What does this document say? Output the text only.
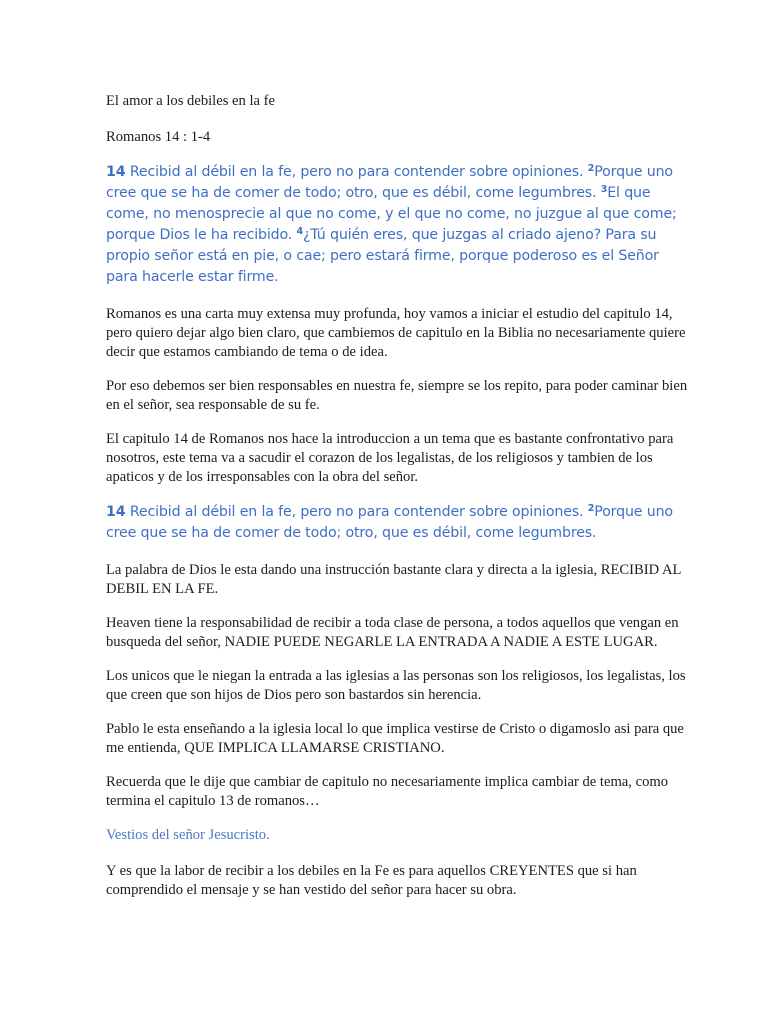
El amor a los debiles en la fe

Romanos 14 : 1-4

14 Recibid al débil en la fe, pero no para contender sobre opiniones. $^2$Porque uno cree que se ha de comer de todo; otro, que es débil, come legumbres. $^3$El que come, no menosprecie al que no come, y el que no come, no juzgue al que come; porque Dios le ha recibido. $^4$¿Tú quién eres, que juzgas al criado ajeno? Para su propio señor está en pie, o cae; pero estará firme, porque poderoso es el Señor para hacerle estar firme.

Romanos es una carta muy extensa muy profunda, hoy vamos a iniciar el estudio del capitulo 14, pero quiero dejar algo bien claro, que cambiemos de capitulo en la Biblia no necesariamente quiere decir que estamos cambiando de tema o de idea.

Por eso debemos ser bien responsables en nuestra fe, siempre se los repito, para poder caminar bien en el señor, sea responsable de su fe.

El capitulo 14 de Romanos nos hace la introduccion a un tema que es bastante confrontativo para nosotros, este tema va a sacudir el corazon de los legalistas, de los religiosos y tambien de los apaticos y de los irresponsables con la obra del señor.

14 Recibid al débil en la fe, pero no para contender sobre opiniones. $^2$Porque uno cree que se ha de comer de todo; otro, que es débil, come legumbres.

La palabra de Dios le esta dando una instrucción bastante clara y directa a la iglesia, RECIBID AL DEBIL EN LA FE.

Heaven tiene la responsabilidad de recibir a toda clase de persona, a todos aquellos que vengan en busqueda del señor, NADIE PUEDE NEGARLE LA ENTRADA A NADIE A ESTE LUGAR.

Los unicos que le niegan la entrada a las iglesias a las personas son los religiosos, los legalistas, los que creen que son hijos de Dios pero son bastardos sin herencia.

Pablo le esta enseñando a la iglesia local lo que implica vestirse de Cristo o digamoslo asi para que me entienda, QUE IMPLICA LLAMARSE CRISTIANO.

Recuerda que le dije que cambiar de capitulo no necesariamente implica cambiar de tema, como termina el capitulo 13 de romanos…

Vestios del señor Jesucristo.

Y es que la labor de recibir a los debiles en la Fe es para aquellos CREYENTES que si han comprendido el mensaje y se han vestido del señor para hacer su obra.
